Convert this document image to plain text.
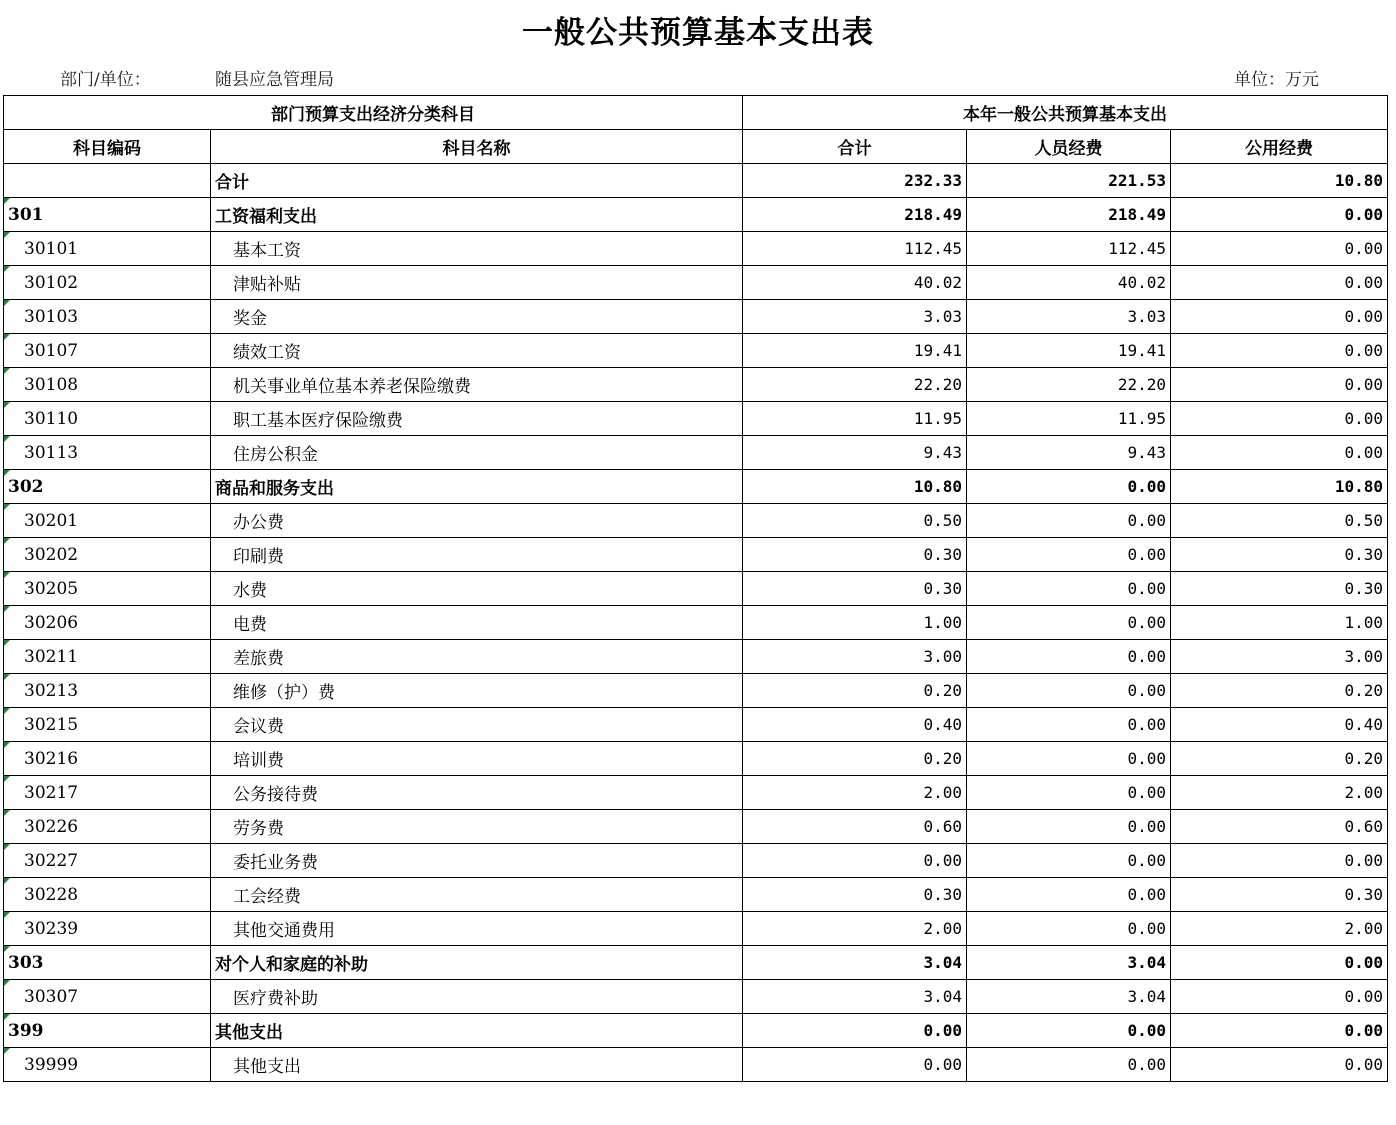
一般公共预算基本支出表
部门/单位：	随县应急管理局	单位：万元
部门预算支出经济分类科目		本年一般公共预算基本支出		
科目编码	科目名称	合计	人员经费	公用经费
	合计	232.33	221.53	10.80

301	工资福利支出	218.49	218.49	0.00

30101	基本工资	112.45	112.45	0.00

30102	津贴补贴	40.02	40.02	0.00

30103	奖金	3.03	3.03	0.00

30107	绩效工资	19.41	19.41	0.00

30108	机关事业单位基本养老保险缴费	22.20	22.20	0.00

30110	职工基本医疗保险缴费	11.95	11.95	0.00

30113	住房公积金	9.43	9.43	0.00

302	商品和服务支出	10.80	0.00	10.80

30201	办公费	0.50	0.00	0.50

30202	印刷费	0.30	0.00	0.30

30205	水费	0.30	0.00	0.30

30206	电费	1.00	0.00	1.00

30211	差旅费	3.00	0.00	3.00

30213	维修（护）费	0.20	0.00	0.20

30215	会议费	0.40	0.00	0.40

30216	培训费	0.20	0.00	0.20

30217	公务接待费	2.00	0.00	2.00

30226	劳务费	0.60	0.00	0.60

30227	委托业务费	0.00	0.00	0.00

30228	工会经费	0.30	0.00	0.30

30239	其他交通费用	2.00	0.00	2.00

303	对个人和家庭的补助	3.04	3.04	0.00

30307	医疗费补助	3.04	3.04	0.00

399	其他支出	0.00	0.00	0.00

39999	其他支出	0.00	0.00	0.00
